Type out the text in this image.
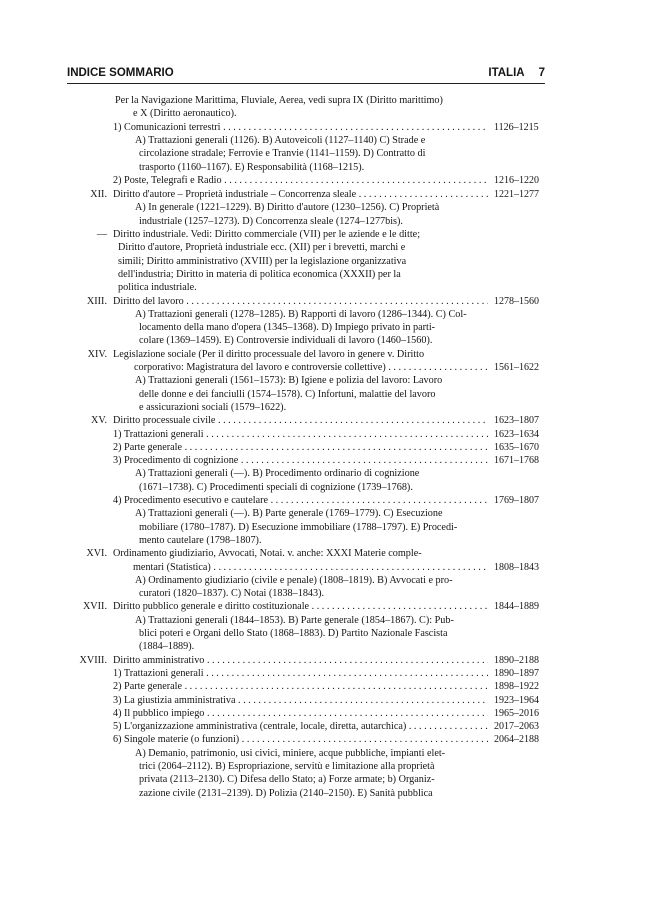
INDICE SOMMARIO	ITALIA 7
Per la Navigazione Marittima, Fluviale, Aerea, vedi supra IX (Diritto marittimo)
e X (Diritto aeronautico).
1) Comunicazioni terrestri . . .	1126–1215
A) Trattazioni generali (1126). B) Autoveicoli (1127–1140) C) Strade e
circolazione stradale; Ferrovie e Tranvie (1141–1159). D) Contratto di
trasporto (1160–1167). E) Responsabilità (1168–1215).
2) Poste, Telegrafi e Radio . . .	1216–1220
XII. Diritto d'autore – Proprietà industriale – Concorrenza sleale . . .	1221–1277
A) In generale (1221–1229). B) Diritto d'autore (1230–1256). C) Proprietà
industriale (1257–1273). D) Concorrenza sleale (1274–1277bis).
— Diritto industriale. Vedi: Diritto commerciale (VII) per le aziende e le ditte;
Diritto d'autore, Proprietà industriale ecc. (XII) per i brevetti, marchi e
simili; Diritto amministrativo (XVIII) per la legislazione organizzativa
dell'industria; Diritto in materia di politica economica (XXXII) per la
politica industriale.
XIII. Diritto del lavoro . . .	1278–1560
A) Trattazioni generali (1278–1285). B) Rapporti di lavoro (1286–1344). C) Col-
locamento della mano d'opera (1345–1368). D) Impiego privato in parti-
colare (1369–1459). E) Controversie individuali di lavoro (1460–1560).
XIV. Legislazione sociale (Per il diritto processuale del lavoro in genere v. Diritto
corporativo: Magistratura del lavoro e controversie collettive) . . .	1561–1622
A) Trattazioni generali (1561–1573): B) Igiene e polizia del lavoro: Lavoro
delle donne e dei fanciulli (1574–1578). C) Infortuni, malattie del lavoro
e assicurazioni sociali (1579–1622).
XV. Diritto processuale civile . . .	1623–1807
1) Trattazioni generali . . .	1623–1634
2) Parte generale . . .	1635–1670
3) Procedimento di cognizione . . .	1671–1768
A) Trattazioni generali (—). B) Procedimento ordinario di cognizione
(1671–1738). C) Procedimenti speciali di cognizione (1739–1768).
4) Procedimento esecutivo e cautelare . . .	1769–1807
A) Trattazioni generali (—). B) Parte generale (1769–1779). C) Esecuzione
mobiliare (1780–1787). D) Esecuzione immobiliare (1788–1797). E) Procedi-
mento cautelare (1798–1807).
XVI. Ordinamento giudiziario, Avvocati, Notai. v. anche: XXXI Materie comple-
mentari (Statistica) . . .	1808–1843
A) Ordinamento giudiziario (civile e penale) (1808–1819). B) Avvocati e pro-
curatori (1820–1837). C) Notai (1838–1843).
XVII. Diritto pubblico generale e diritto costituzionale . . .	1844–1889
A) Trattazioni generali (1844–1853). B) Parte generale (1854–1867). C): Pub-
blici poteri e Organi dello Stato (1868–1883). D) Partito Nazionale Fascista
(1884–1889).
XVIII. Diritto amministrativo . . .	1890–2188
1) Trattazioni generali . . .	1890–1897
2) Parte generale . . .	1898–1922
3) La giustizia amministrativa . . .	1923–1964
4) Il pubblico impiego . . .	1965–2016
5) L'organizzazione amministrativa (centrale, locale, diretta, autarchica) . . .	2017–2063
6) Singole materie (o funzioni) . . .	2064–2188
A) Demanio, patrimonio, usi civici, miniere, acque pubbliche, impianti elet-
trici (2064–2112). B) Espropriazione, servitù e limitazione alla proprietà
privata (2113–2130). C) Difesa dello Stato; a) Forze armate; b) Organiz-
zazione civile (2131–2139). D) Polizia (2140–2150). E) Sanità pubblica
